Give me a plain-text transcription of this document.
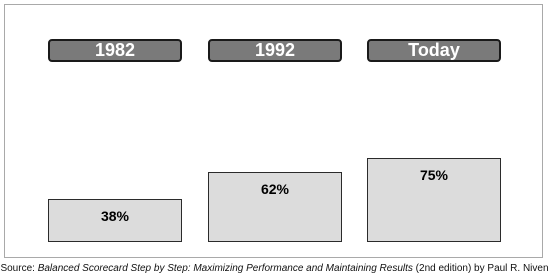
1982
38%
1992
62%
Today
75%
Source: Balanced Scorecard Step by Step: Maximizing Performance and Maintaining Results (2nd edition) by Paul R. Niven
